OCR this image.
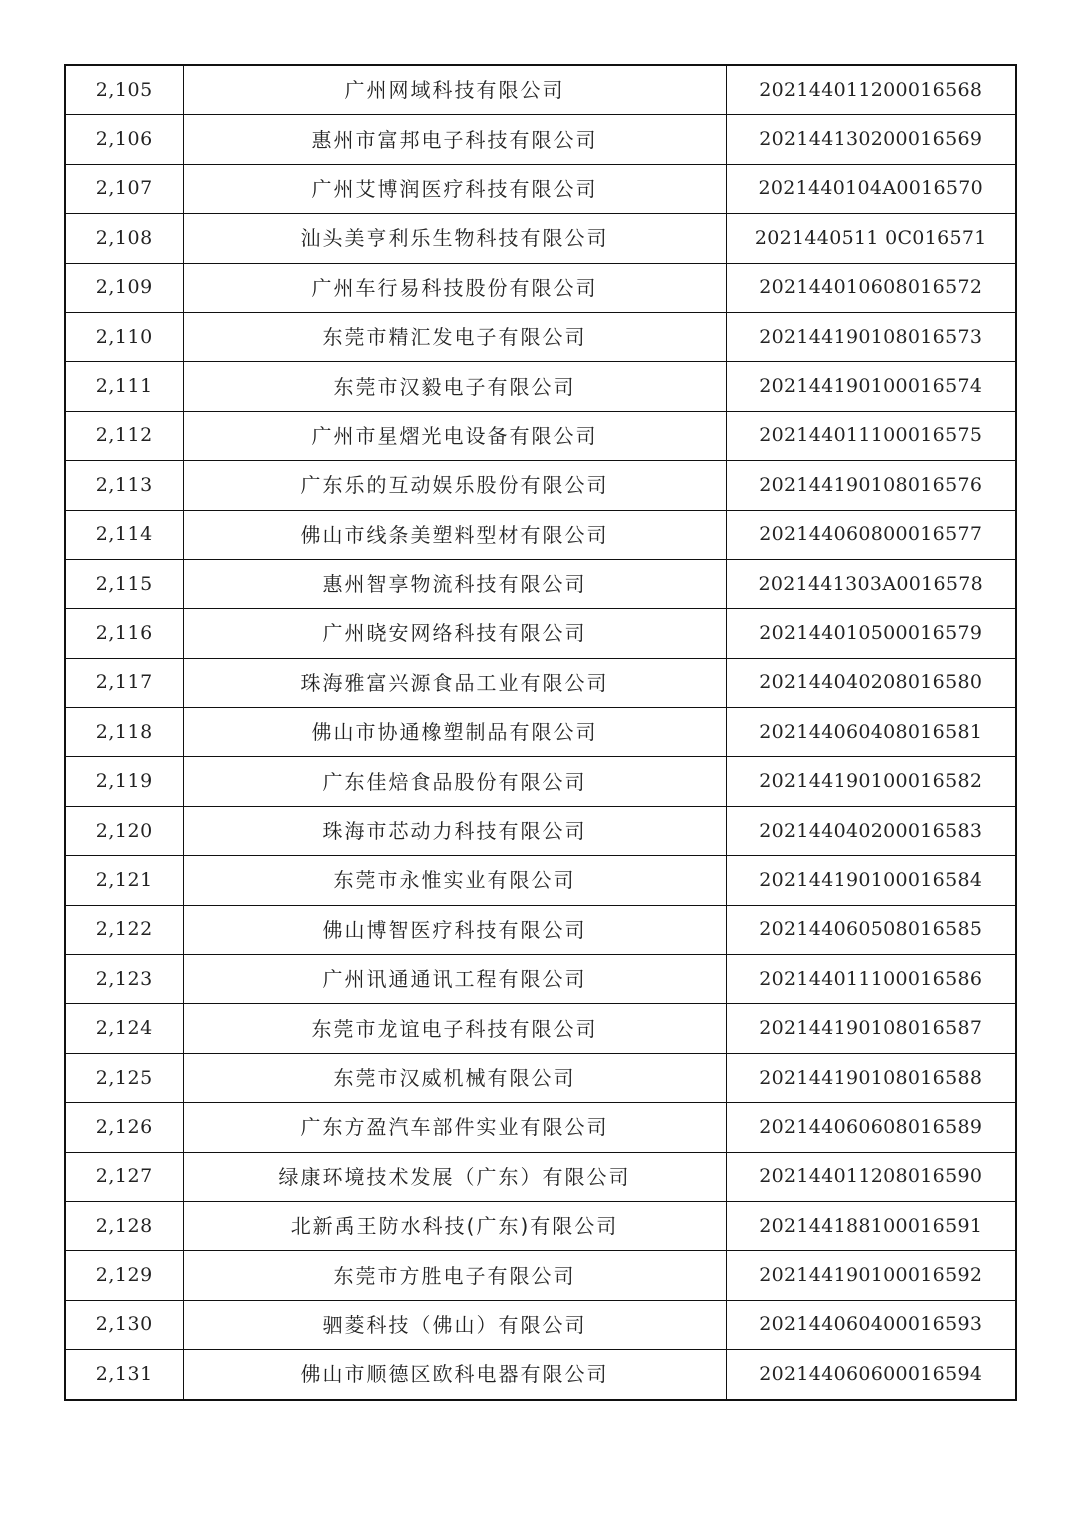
2,105	广州网域科技有限公司	202144011200016568
2,106	惠州市富邦电子科技有限公司	202144130200016569
2,107	广州艾博润医疗科技有限公司	2021440104A0016570
2,108	汕头美亨利乐生物科技有限公司	2021440511 0C016571
2,109	广州车行易科技股份有限公司	202144010608016572
2,110	东莞市精汇发电子有限公司	202144190108016573
2,111	东莞市汉毅电子有限公司	202144190100016574
2,112	广州市星熠光电设备有限公司	202144011100016575
2,113	广东乐的互动娱乐股份有限公司	202144190108016576
2,114	佛山市线条美塑料型材有限公司	202144060800016577
2,115	惠州智享物流科技有限公司	2021441303A0016578
2,116	广州晓安网络科技有限公司	202144010500016579
2,117	珠海雅富兴源食品工业有限公司	202144040208016580
2,118	佛山市协通橡塑制品有限公司	202144060408016581
2,119	广东佳焙食品股份有限公司	202144190100016582
2,120	珠海市芯动力科技有限公司	202144040200016583
2,121	东莞市永惟实业有限公司	202144190100016584
2,122	佛山博智医疗科技有限公司	202144060508016585
2,123	广州讯通通讯工程有限公司	202144011100016586
2,124	东莞市龙谊电子科技有限公司	202144190108016587
2,125	东莞市汉威机械有限公司	202144190108016588
2,126	广东方盈汽车部件实业有限公司	202144060608016589
2,127	绿康环境技术发展（广东）有限公司	202144011208016590
2,128	北新禹王防水科技(广东)有限公司	202144188100016591
2,129	东莞市方胜电子有限公司	202144190100016592
2,130	驷菱科技（佛山）有限公司	202144060400016593
2,131	佛山市顺德区欧科电器有限公司	202144060600016594
